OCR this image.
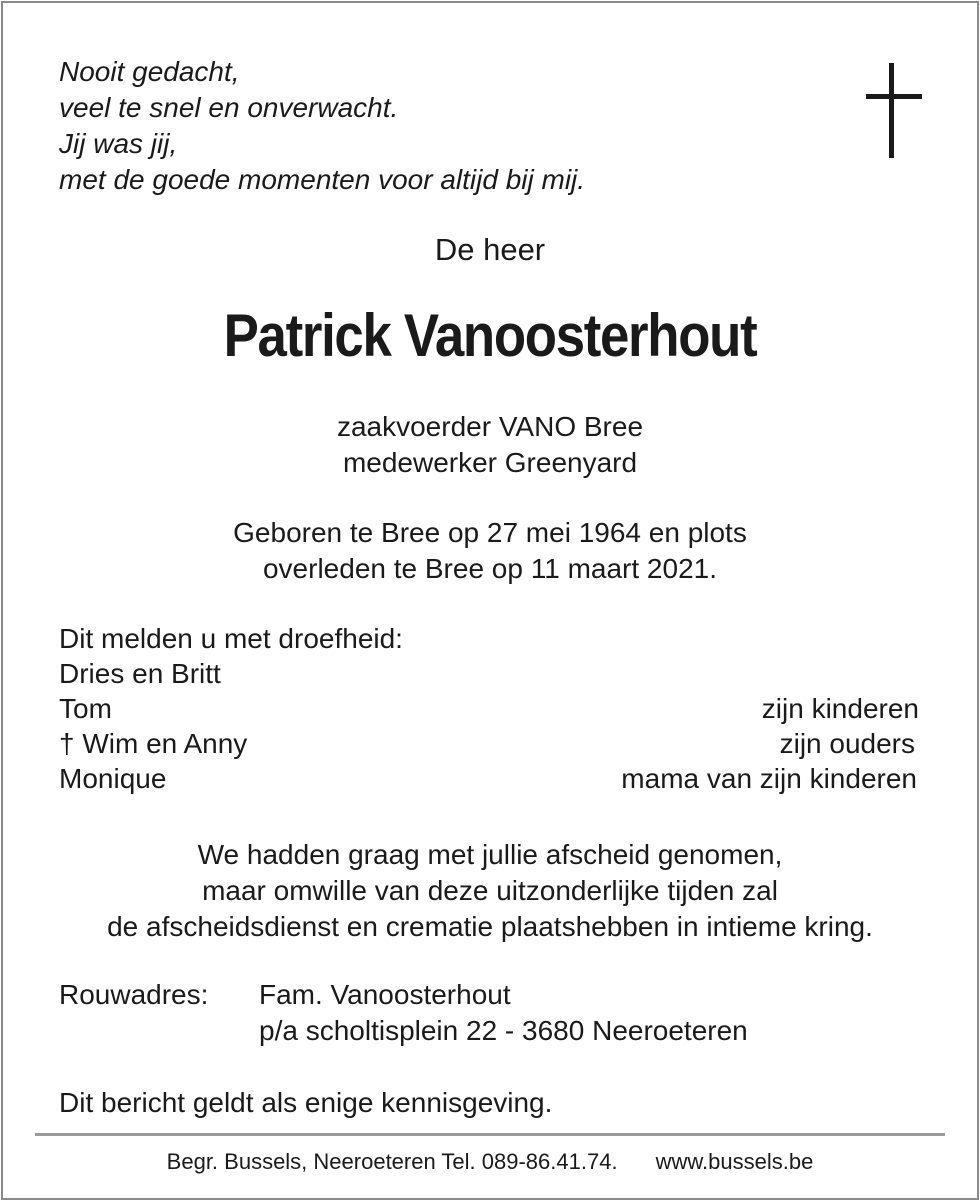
Nooit gedacht,
veel te snel en onverwacht.
Jij was jij,
met de goede momenten voor altijd bij mij.
De heer
Patrick Vanoosterhout
zaakvoerder VANO Bree
medewerker Greenyard
Geboren te Bree op 27 mei 1964 en plots
overleden te Bree op 11 maart 2021.
Dit melden u met droefheid:
Dries en Britt
Tom	zijn kinderen
† Wim en Anny	zijn ouders
Monique	mama van zijn kinderen
We hadden graag met jullie afscheid genomen,
maar omwille van deze uitzonderlijke tijden zal
de afscheidsdienst en crematie plaatshebben in intieme kring.
Rouwadres: Fam. Vanoosterhout
p/a scholtisplein 22 - 3680 Neeroeteren
Dit bericht geldt als enige kennisgeving.
Begr. Bussels, Neeroeteren Tel. 089-86.41.74. www.bussels.be
